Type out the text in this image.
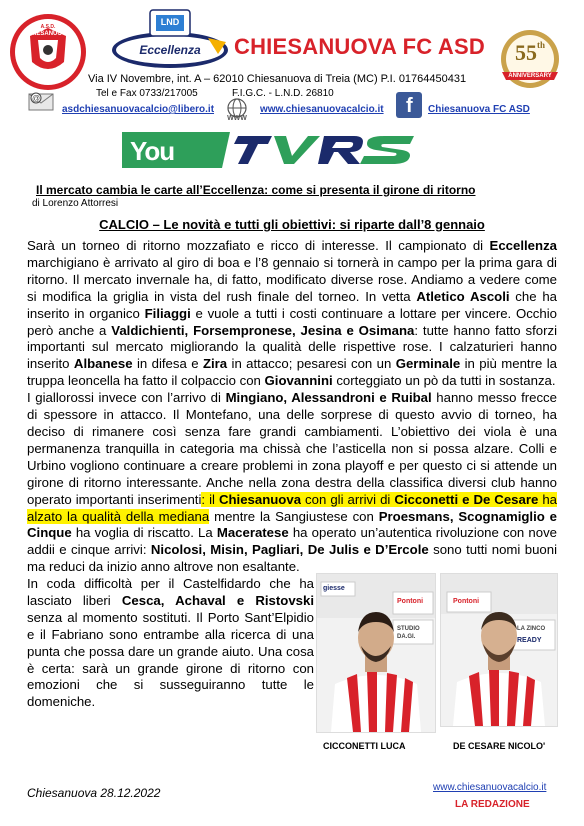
A.S.D.
CHIESANUOVA
CALCIO
1967
LND
Eccellenza	CHIESANUOVA FC ASD	55th
ANNIVERSARY
Via IV Novembre, int. A – 62010 Chiesanuova di Treia (MC) P.I. 01764450431
Tel e Fax 0733/217005	F.I.G.C. - L.N.D. 26810
@
asdchiesanuovacalcio@libero.it
WWW
www.chiesanuovacalcio.it f Chiesanuova FC ASD
You
Il mercato cambia le carte all’Eccellenza: come si presenta il girone di ritorno
di Lorenzo Attorresi
CALCIO – Le novità e tutti gli obiettivi: si riparte dall’8 gennaio

Sarà un torneo di ritorno mozzafiato e ricco di interesse. Il campionato di Eccellenza marchigiano è arrivato al giro di boa e l’8 gennaio si tornerà in campo per la prima gara di ritorno. Il mercato invernale ha, di fatto, modificato diverse rose. Andiamo a vedere come si modifica la griglia in vista del rush finale del torneo. In vetta Atletico Ascoli che ha inserito in organico Filiaggi e vuole a tutti i costi continuare a lottare per vincere. Occhio però anche a Valdichienti, Forsempronese, Jesina e Osimana: tutte hanno fatto sforzi importanti sul mercato migliorando la qualità delle rispettive rose. I calzaturieri hanno inserito Albanese in difesa e Zira in attacco; pesaresi con un Germinale in più mentre la truppa leoncella ha fatto il colpaccio con Giovannini corteggiato un pò da tutti in sostanza.

I giallorossi invece con l’arrivo di Mingiano, Alessandroni e Ruibal hanno messo frecce di spessore in attacco. Il Montefano, una delle sorprese di questo avvio di torneo, ha deciso di rimanere così senza fare grandi cambiamenti. L’obiettivo dei viola è una permanenza tranquilla in categoria ma chissà che l’asticella non si possa alzare. Colli e Urbino vogliono continuare a creare problemi in zona playoff e per questo ci si attende un girone di ritorno interessante. Anche nella zona destra della classifica diversi club hanno operato importanti inserimenti: il Chiesanuova con gli arrivi di Cicconetti e De Cesare ha alzato la qualità della mediana mentre la Sangiustese con Proesmans, Scognamiglio e Cinque ha voglia di riscatto. La Maceratese ha operato un’autentica rivoluzione con nove addii e cinque arrivi: Nicolosi, Misin, Pagliari, De Julis e D’Ercole sono tutti nomi buoni ma reduci da inizio anno altrove non esaltante.

In coda difficoltà per il Castelfidardo che ha lasciato liberi Cesca, Achaval e Ristovski senza al momento sostituti. Il Porto Sant’Elpidio e il Fabriano sono entrambe alla ricerca di una punta che possa dare un grande aiuto. Una cosa è certa: sarà un grande girone di ritorno con emozioni che si susseguiranno tutte le domeniche.
giesse
Pontoni
STUDIO
DA.GI.
CICCONETTI LUCA
Pontoni
LA ZINCO
READY
DE CESARE NICOLO'
Chiesanuova 28.12.2022	www.chiesanuovacalcio.it
LA REDAZIONE
